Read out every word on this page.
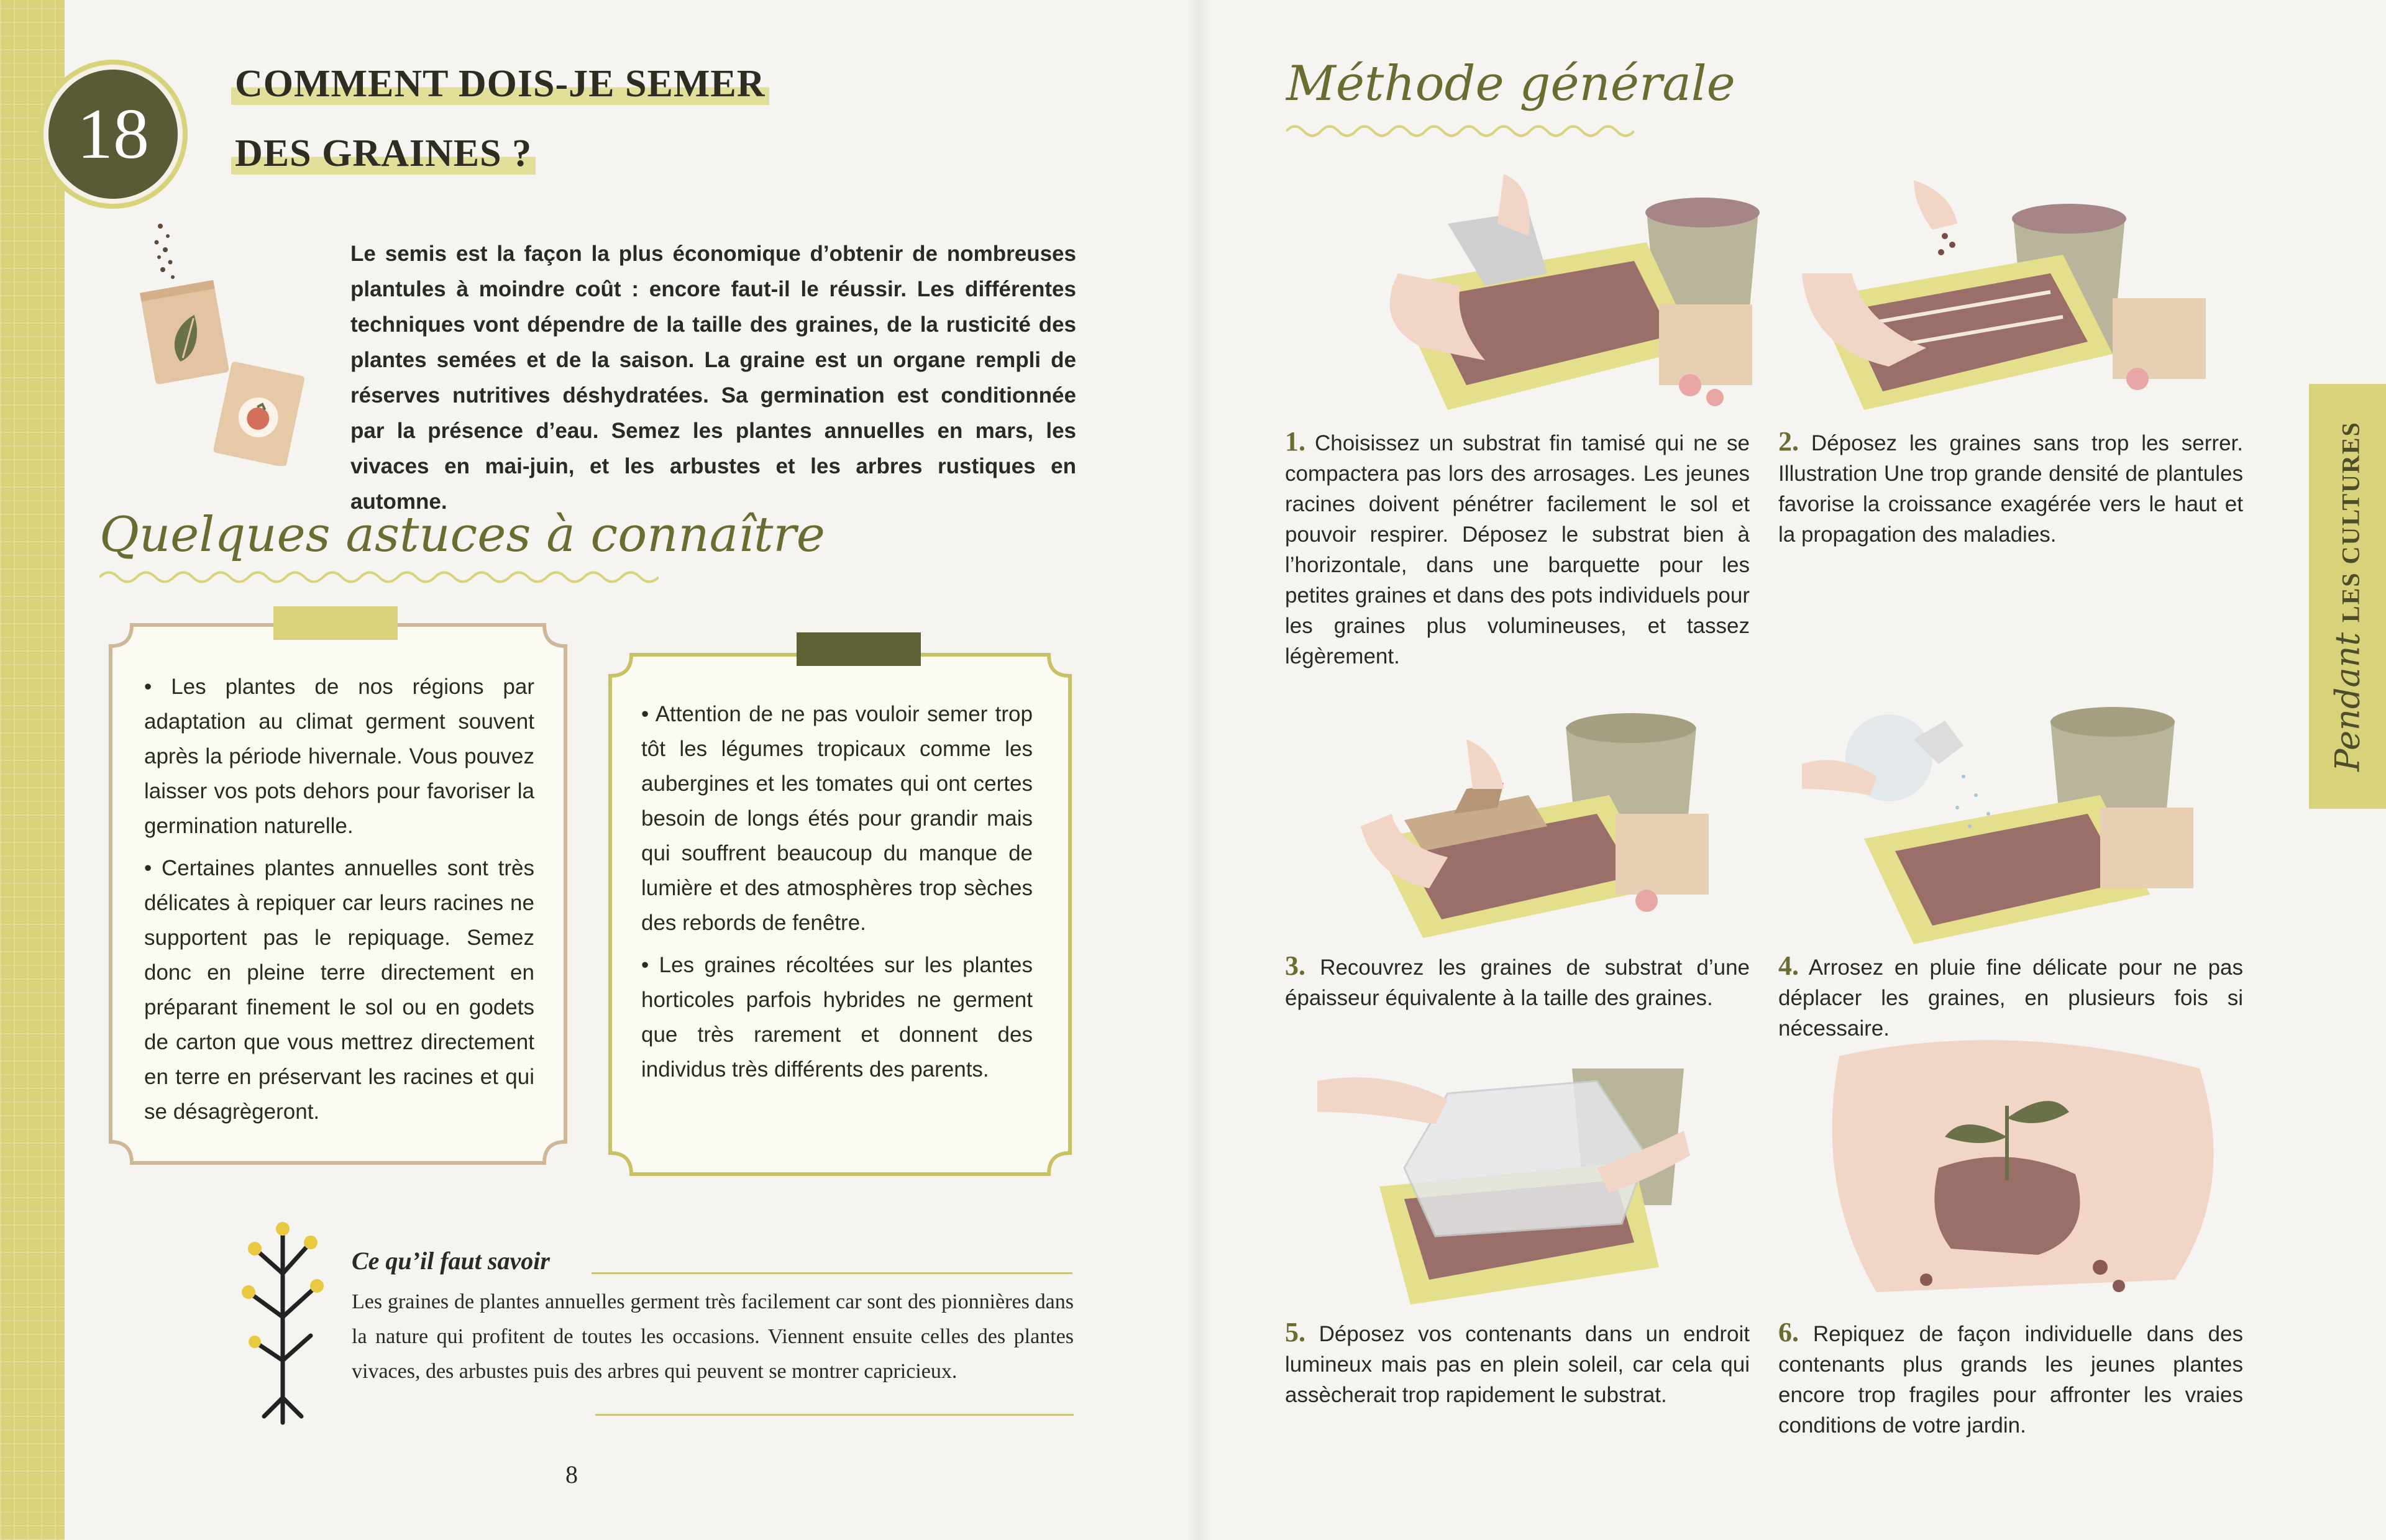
18
COMMENT DOIS-JE SEMER
DES GRAINES ?
Le semis est la façon la plus économique d’obtenir de nombreuses plantules à moindre coût : encore faut-il le réussir. Les différentes techniques vont dépendre de la taille des graines, de la rusticité des plantes semées et de la saison. La graine est un organe rempli de réserves nutritives déshydratées. Sa germination est conditionnée par la présence d’eau. Semez les plantes annuelles en mars, les vivaces en mai-juin, et les arbustes et les arbres rustiques en automne.
Quelques astuces à connaître

• Les plantes de nos régions par adaptation au climat germent souvent après la période hivernale. Vous pouvez laisser vos pots dehors pour favoriser la germination naturelle.

• Certaines plantes annuelles sont très délicates à repiquer car leurs racines ne supportent pas le repiquage. Semez donc en pleine terre directement en préparant finement le sol ou en godets de carton que vous mettrez directement en terre en préservant les racines et qui se désagrègeront.

• Attention de ne pas vouloir semer trop tôt les légumes tropicaux comme les aubergines et les tomates qui ont certes besoin de longs étés pour grandir mais qui souffrent beaucoup du manque de lumière et des atmosphères trop sèches des rebords de fenêtre.

• Les graines récoltées sur les plantes horticoles parfois hybrides ne germent que très rarement et donnent des individus très différents des parents.

Ce qu’il faut savoir
Les graines de plantes annuelles germent très facilement car sont des pionnières dans la nature qui profitent de toutes les occasions. Viennent ensuite celles des plantes vivaces, des arbustes puis des arbres qui peuvent se montrer capricieux.
8
Méthode générale
1. Choisissez un substrat fin tamisé qui ne se compactera pas lors des arrosages. Les jeunes racines doivent pénétrer facilement le sol et pouvoir respirer. Déposez le substrat bien à l’horizontale, dans une barquette pour les petites graines et dans des pots individuels pour les graines plus volumineuses, et tassez légèrement.
2. Déposez les graines sans trop les serrer. Illustration Une trop grande densité de plantules favorise la croissance exagérée vers le haut et la propagation des maladies.
3. Recouvrez les graines de substrat d’une épaisseur équivalente à la taille des graines.
4. Arrosez en pluie fine délicate pour ne pas déplacer les graines, en plusieurs fois si nécessaire.
5. Déposez vos contenants dans un endroit lumineux mais pas en plein soleil, car cela qui assècherait trop rapidement le substrat.
6. Repiquez de façon individuelle dans des contenants plus grands les jeunes plantes encore trop fragiles pour affronter les vraies conditions de votre jardin.
PendantLES CULTURES
